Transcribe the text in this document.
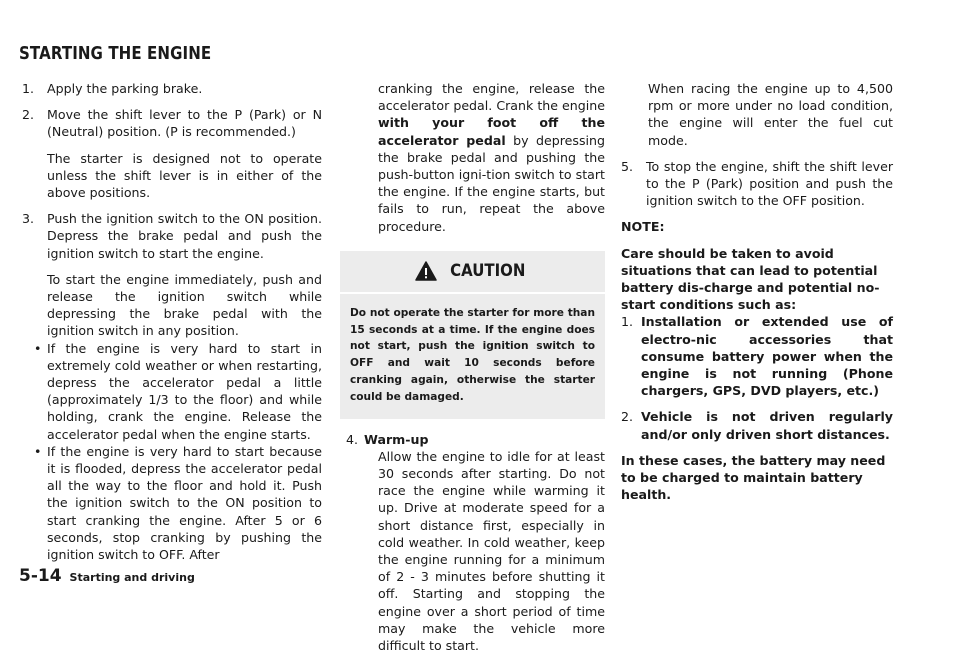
STARTING THE ENGINE
1.	Apply the parking brake.

2.	Move the shift lever to the P (Park) or N (Neutral) position. (P is recommended.)

The starter is designed not to operate unless the shift lever is in either of the above positions.

3.	Push the ignition switch to the ON position. Depress the brake pedal and push the ignition switch to start the engine.

To start the engine immediately, push and release the ignition switch while depressing the brake pedal with the ignition switch in any position.

• If the engine is very hard to start in extremely cold weather or when restarting, depress the accelerator pedal a little (approximately 1/3 to the floor) and while holding, crank the engine. Release the accelerator pedal when the engine starts.

• If the engine is very hard to start because it is flooded, depress the accelerator pedal all the way to the floor and hold it. Push the ignition switch to the ON position to start cranking the engine. After 5 or 6 seconds, stop cranking by pushing the ignition switch to OFF. After

cranking the engine, release the accelerator pedal. Crank the engine with your foot off the accelerator pedal by depressing the brake pedal and pushing the push-button igni-tion switch to start the engine. If the engine starts, but fails to run, repeat the above procedure.

CAUTION
Do not operate the starter for more than 15 seconds at a time. If the engine does not start, push the ignition switch to OFF and wait 10 seconds before cranking again, otherwise the starter could be damaged.
4. Warm-up

Allow the engine to idle for at least 30 seconds after starting. Do not race the engine while warming it up. Drive at moderate speed for a short distance first, especially in cold weather. In cold weather, keep the engine running for a minimum of 2 - 3 minutes before shutting it off. Starting and stopping the engine over a short period of time may make the vehicle more difficult to start.

When racing the engine up to 4,500 rpm or more under no load condition, the engine will enter the fuel cut mode.

5.	To stop the engine, shift the shift lever to the P (Park) position and push the ignition switch to the OFF position.

NOTE:

Care should be taken to avoid situations that can lead to potential battery dis-charge and potential no-start conditions such as:

1. Installation or extended use of electro-nic accessories that consume battery power when the engine is not running (Phone chargers, GPS, DVD players, etc.)

2. Vehicle is not driven regularly and/or only driven short distances.

In these cases, the battery may need to be charged to maintain battery health.

5-14 Starting and driving
